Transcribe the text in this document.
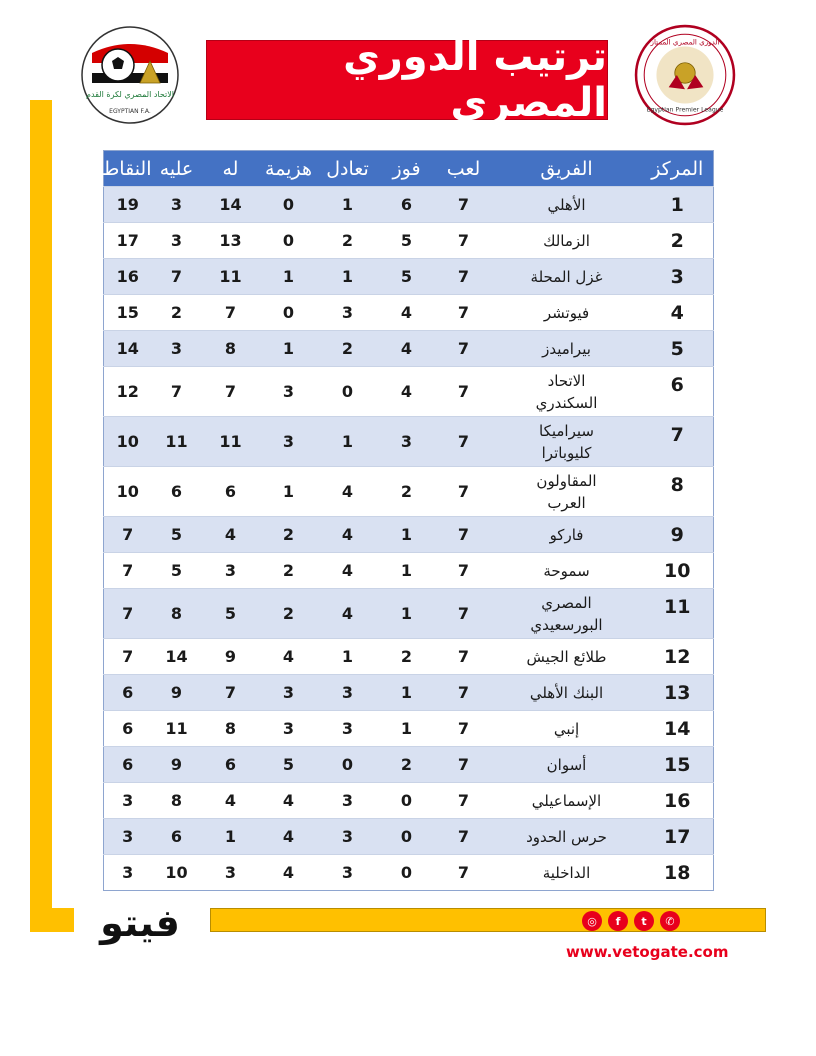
الاتحاد المصري لكرة القدم
EGYPTIAN F.A.
ترتيب الدوري المصري
الدوري المصري الممتاز
Egyptian Premier League
المركز	الفريق	لعب	فوز	تعادل	هزيمة	له	عليه	النقاط
1	الأهلي	7	6	1	0	14	3	19
2	الزمالك	7	5	2	0	13	3	17
3	غزل المحلة	7	5	1	1	11	7	16
4	فيوتشر	7	4	3	0	7	2	15
5	بيراميدز	7	4	2	1	8	3	14
6	الاتحاد
السكندري	7	4	0	3	7	7	12
7	سيراميكا
كليوباترا	7	3	1	3	11	11	10
8	المقاولون
العرب	7	2	4	1	6	6	10
9	فاركو	7	1	4	2	4	5	7
10	سموحة	7	1	4	2	3	5	7
11	المصري
البورسعيدي	7	1	4	2	5	8	7
12	طلائع الجيش	7	2	1	4	9	14	7
13	البنك الأهلي	7	1	3	3	7	9	6
14	إنبي	7	1	3	3	8	11	6
15	أسوان	7	2	0	5	6	9	6
16	الإسماعيلي	7	0	3	4	4	8	3
17	حرس الحدود	7	0	3	4	1	6	3
18	الداخلية	7	0	3	4	3	10	3
فيتو	◎	f	t	✆
www.vetogate.com
